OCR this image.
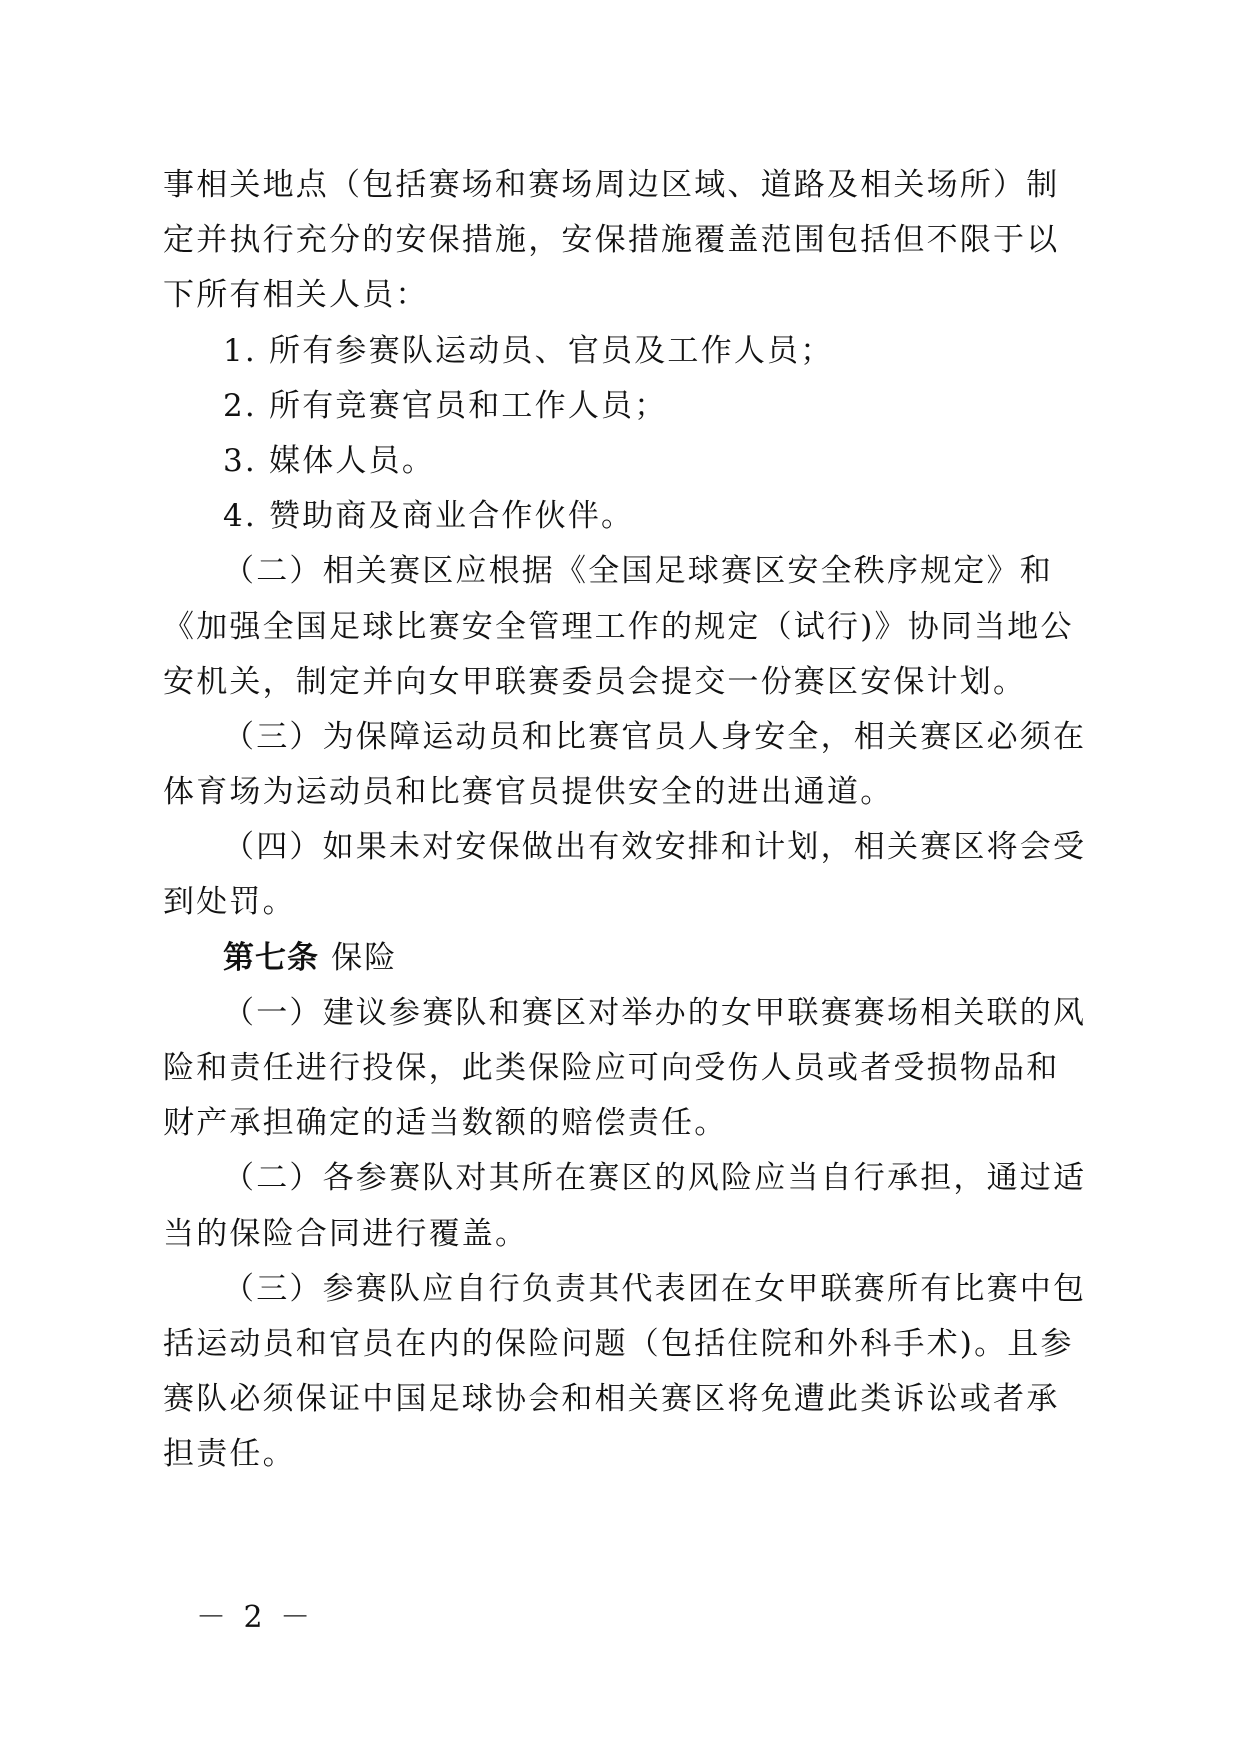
事相关地点（包括赛场和赛场周边区域、道路及相关场所）制
定并执行充分的安保措施，安保措施覆盖范围包括但不限于以
下所有相关人员：
1. 所有参赛队运动员、官员及工作人员；
2. 所有竞赛官员和工作人员；
3. 媒体人员。
4. 赞助商及商业合作伙伴。
（二）相关赛区应根据《全国足球赛区安全秩序规定》和
《加强全国足球比赛安全管理工作的规定（试行)》协同当地公
安机关，制定并向女甲联赛委员会提交一份赛区安保计划。
（三）为保障运动员和比赛官员人身安全，相关赛区必须在
体育场为运动员和比赛官员提供安全的进出通道。
（四）如果未对安保做出有效安排和计划，相关赛区将会受
到处罚。
第七条 保险
（一）建议参赛队和赛区对举办的女甲联赛赛场相关联的风
险和责任进行投保，此类保险应可向受伤人员或者受损物品和
财产承担确定的适当数额的赔偿责任。
（二）各参赛队对其所在赛区的风险应当自行承担，通过适
当的保险合同进行覆盖。
（三）参赛队应自行负责其代表团在女甲联赛所有比赛中包
括运动员和官员在内的保险问题（包括住院和外科手术)。且参
赛队必须保证中国足球协会和相关赛区将免遭此类诉讼或者承
担责任。
－ 2 －
